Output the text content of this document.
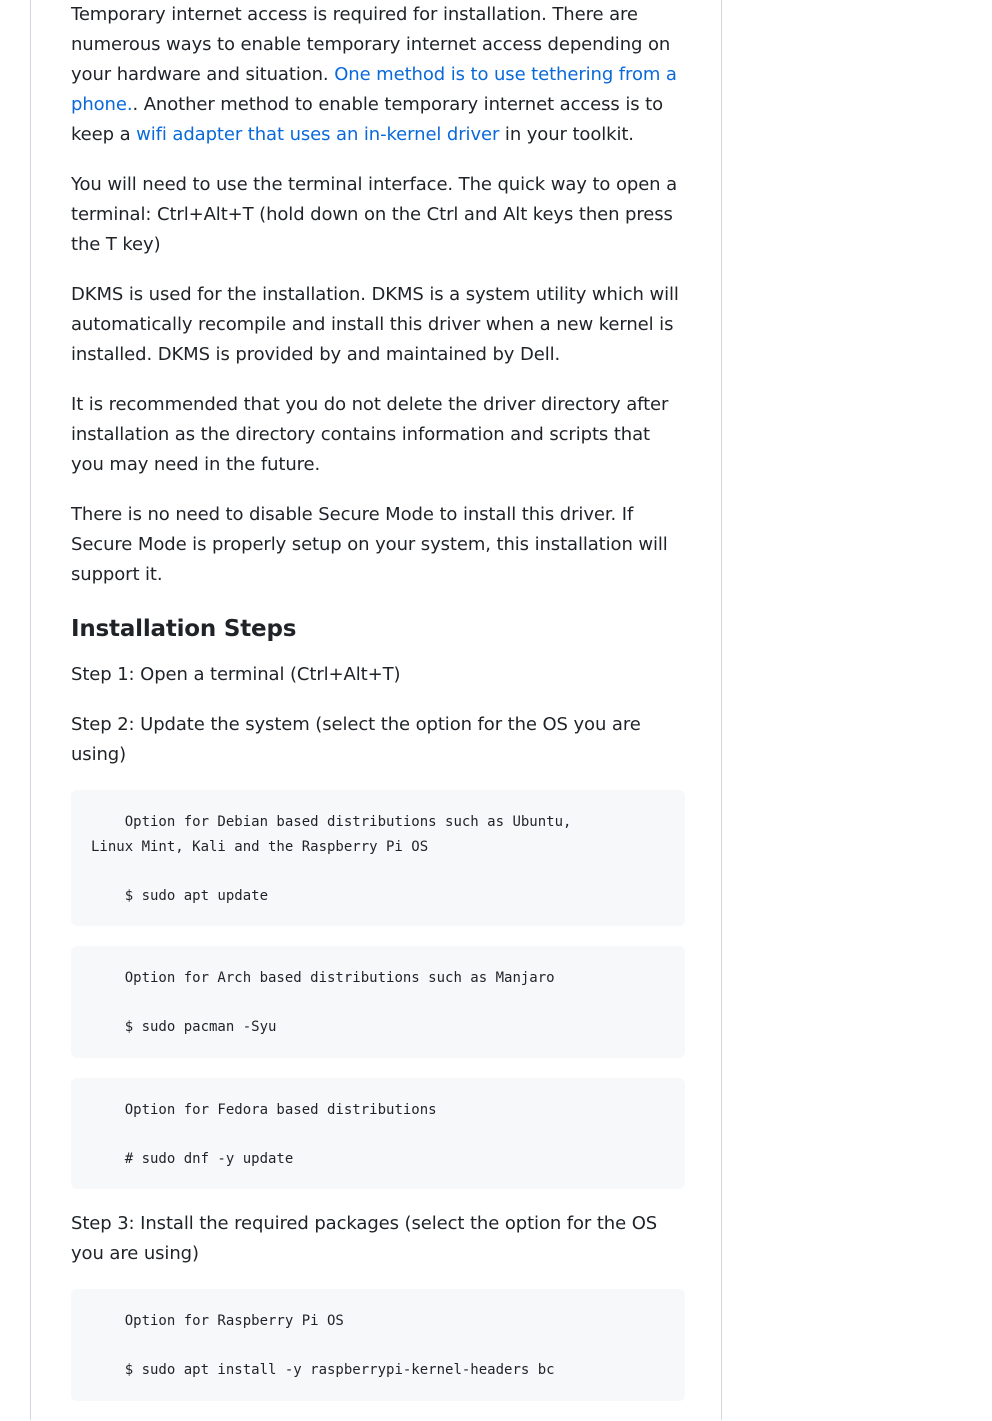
Temporary internet access is required for installation. There are numerous ways to enable temporary internet access depending on your hardware and situation. One method is to use tethering from a phone.. Another method to enable temporary internet access is to keep a wifi adapter that uses an in-kernel driver in your toolkit.

You will need to use the terminal interface. The quick way to open a terminal: Ctrl+Alt+T (hold down on the Ctrl and Alt keys then press the T key)

DKMS is used for the installation. DKMS is a system utility which will automatically recompile and install this driver when a new kernel is installed. DKMS is provided by and maintained by Dell.

It is recommended that you do not delete the driver directory after installation as the directory contains information and scripts that you may need in the future.

There is no need to disable Secure Mode to install this driver. If Secure Mode is properly setup on your system, this installation will support it.

Installation Steps

Step 1: Open a terminal (Ctrl+Alt+T)

Step 2: Update the system (select the option for the OS you are using)

Option for Debian based distributions such as Ubuntu,
Linux Mint, Kali and the Raspberry Pi OS

$ sudo apt update
Option for Arch based distributions such as Manjaro

$ sudo pacman -Syu
Option for Fedora based distributions

# sudo dnf -y update

Step 3: Install the required packages (select the option for the OS you are using)

Option for Raspberry Pi OS

$ sudo apt install -y raspberrypi-kernel-headers bc
